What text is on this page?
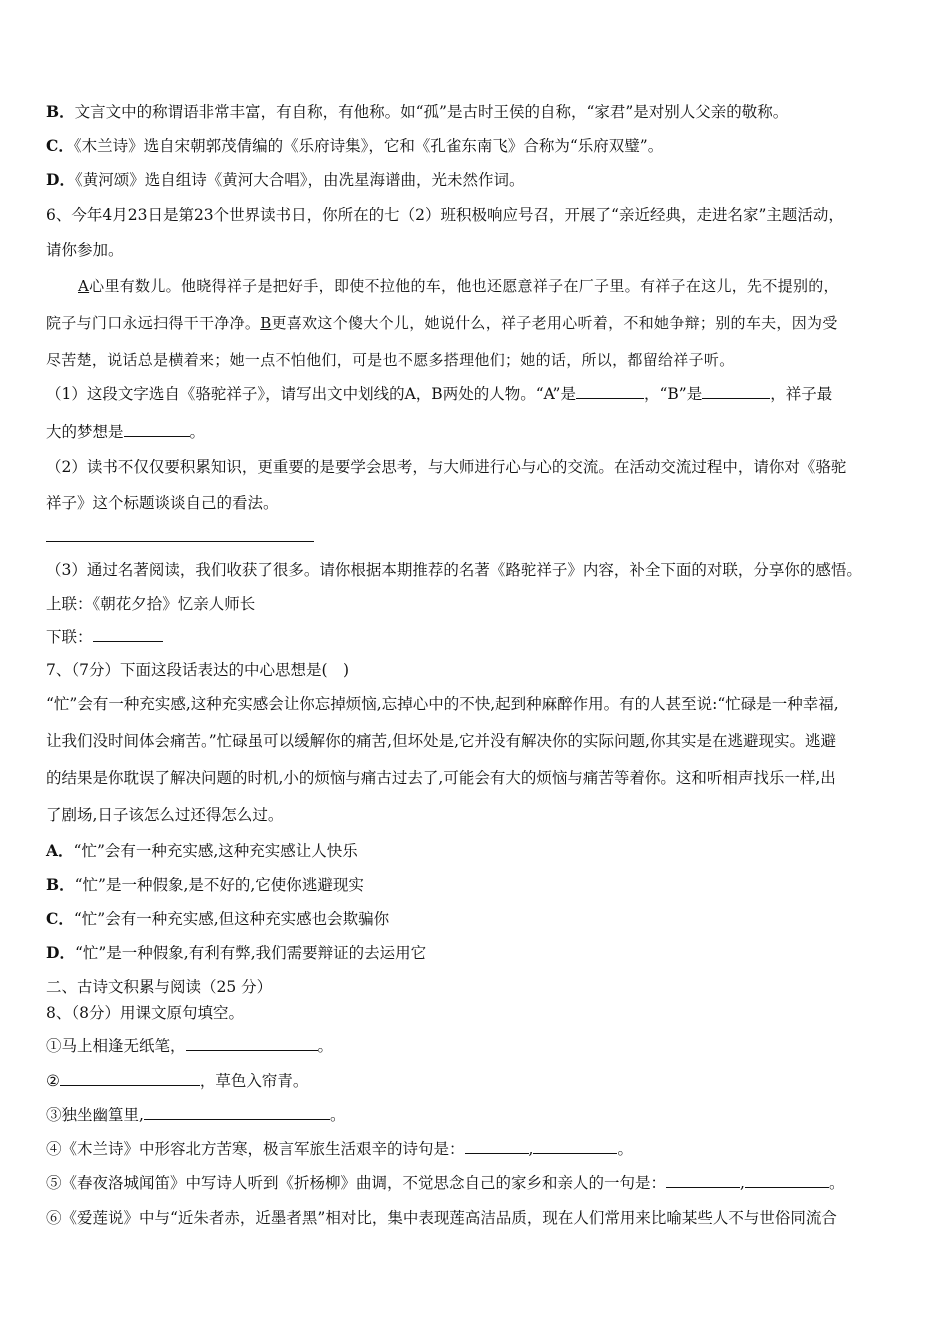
B．文言文中的称谓语非常丰富，有自称，有他称。如“孤”是古时王侯的自称，“家君”是对别人父亲的敬称。
C．《木兰诗》选自宋朝郭茂倩编的《乐府诗集》，它和《孔雀东南飞》合称为“乐府双璧”。
D．《黄河颂》选自组诗《黄河大合唱》，由冼星海谱曲，光未然作词。
6、今年4月23日是第23个世界读书日，你所在的七（2）班积极响应号召，开展了“亲近经典，走进名家”主题活动，
请你参加。
A心里有数儿。他晓得祥子是把好手，即使不拉他的车，他也还愿意祥子在厂子里。有祥子在这儿，先不提别的，
院子与门口永远扫得干干净净。B更喜欢这个傻大个儿，她说什么，祥子老用心听着，不和她争辩；别的车夫，因为受
尽苦楚，说话总是横着来；她一点不怕他们，可是也不愿多搭理他们；她的话，所以，都留给祥子听。
（1）这段文字选自《骆驼祥子》，请写出文中划线的A，B两处的人物。“A”是	，“B”是	，祥子最
大的梦想是	。
（2）读书不仅仅要积累知识，更重要的是要学会思考，与大师进行心与心的交流。在活动交流过程中，请你对《骆驼
祥子》这个标题谈谈自己的看法。
（3）通过名著阅读，我们收获了很多。请你根据本期推荐的名著《路驼祥子》内容，补全下面的对联，分享你的感悟。
上联：《朝花夕拾》忆亲人师长
下联：
7、（7分）下面这段话表达的中心思想是(　)
“忙”会有一种充实感,这种充实感会让你忘掉烦恼,忘掉心中的不快,起到种麻醉作用。有的人甚至说:“忙碌是一种幸福,
让我们没时间体会痛苦。”忙碌虽可以缓解你的痛苦,但坏处是,它并没有解决你的实际问题,你其实是在逃避现实。逃避
的结果是你耽误了解决问题的时机,小的烦恼与痛古过去了,可能会有大的烦恼与痛苦等着你。这和听相声找乐一样,出
了剧场,日子该怎么过还得怎么过。
A．“忙”会有一种充实感,这种充实感让人快乐
B．“忙”是一种假象,是不好的,它使你逃避现实
C．“忙”会有一种充实感,但这种充实感也会欺骗你
D．“忙”是一种假象,有利有弊,我们需要辩证的去运用它
二、古诗文积累与阅读（25 分）
8、（8分）用课文原句填空。
①马上相逢无纸笔，	。
②	，草色入帘青。
③独坐幽篁里,	。
④《木兰诗》中形容北方苦寒，极言军旅生活艰辛的诗句是：	,	。
⑤《春夜洛城闻笛》中写诗人听到《折杨柳》曲调，不觉思念自己的家乡和亲人的一句是：	,	。
⑥《爱莲说》中与“近朱者赤，近墨者黑”相对比，集中表现莲高洁品质，现在人们常用来比喻某些人不与世俗同流合
